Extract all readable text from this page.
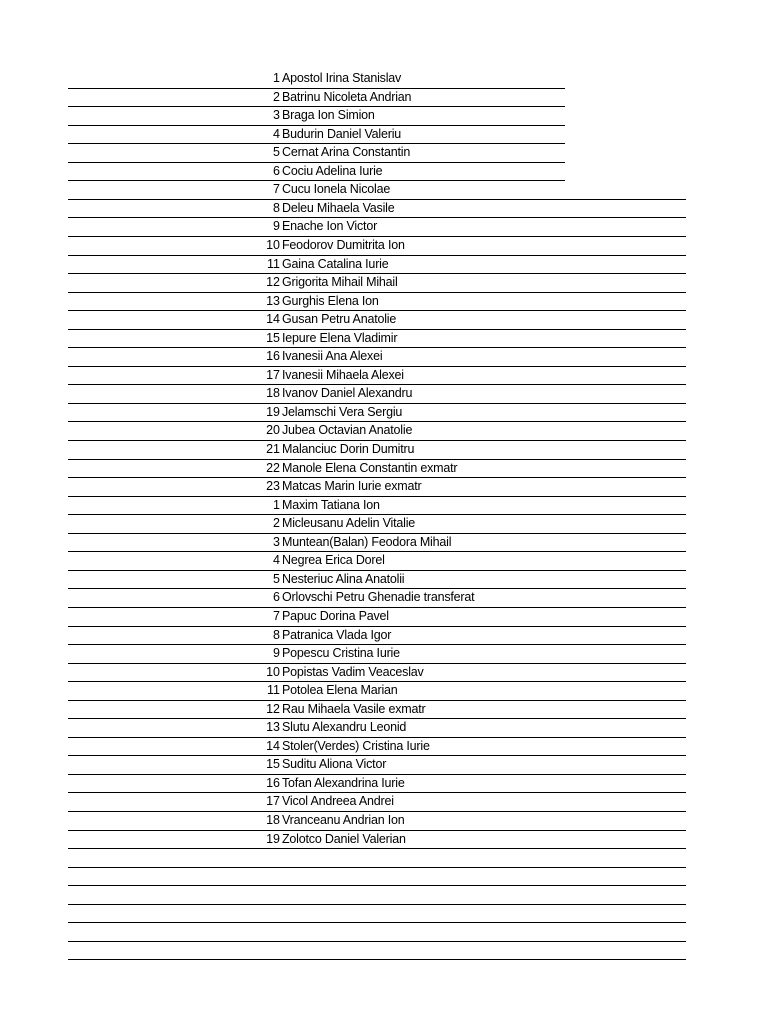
1 Apostol Irina Stanislav
2 Batrinu Nicoleta Andrian
3 Braga Ion Simion
4 Budurin Daniel Valeriu
5 Cernat Arina Constantin
6 Cociu Adelina Iurie
7 Cucu Ionela Nicolae
8 Deleu Mihaela Vasile
9 Enache Ion Victor
10 Feodorov Dumitrita Ion
11 Gaina Catalina Iurie
12 Grigorita Mihail Mihail
13 Gurghis Elena Ion
14 Gusan Petru Anatolie
15 Iepure Elena Vladimir
16 Ivanesii Ana Alexei
17 Ivanesii Mihaela Alexei
18 Ivanov Daniel Alexandru
19 Jelamschi Vera Sergiu
20 Jubea Octavian Anatolie
21 Malanciuc Dorin Dumitru
22 Manole Elena Constantin exmatr
23 Matcas Marin Iurie exmatr
1 Maxim Tatiana Ion
2 Micleusanu Adelin Vitalie
3 Muntean(Balan) Feodora Mihail
4 Negrea Erica Dorel
5 Nesteriuc Alina Anatolii
6 Orlovschi Petru Ghenadie transferat
7 Papuc Dorina Pavel
8 Patranica Vlada Igor
9 Popescu Cristina Iurie
10 Popistas Vadim Veaceslav
11 Potolea Elena Marian
12 Rau Mihaela Vasile exmatr
13 Slutu Alexandru Leonid
14 Stoler(Verdes) Cristina Iurie
15 Suditu Aliona Victor
16 Tofan Alexandrina Iurie
17 Vicol Andreea Andrei
18 Vranceanu Andrian Ion
19 Zolotco Daniel Valerian
